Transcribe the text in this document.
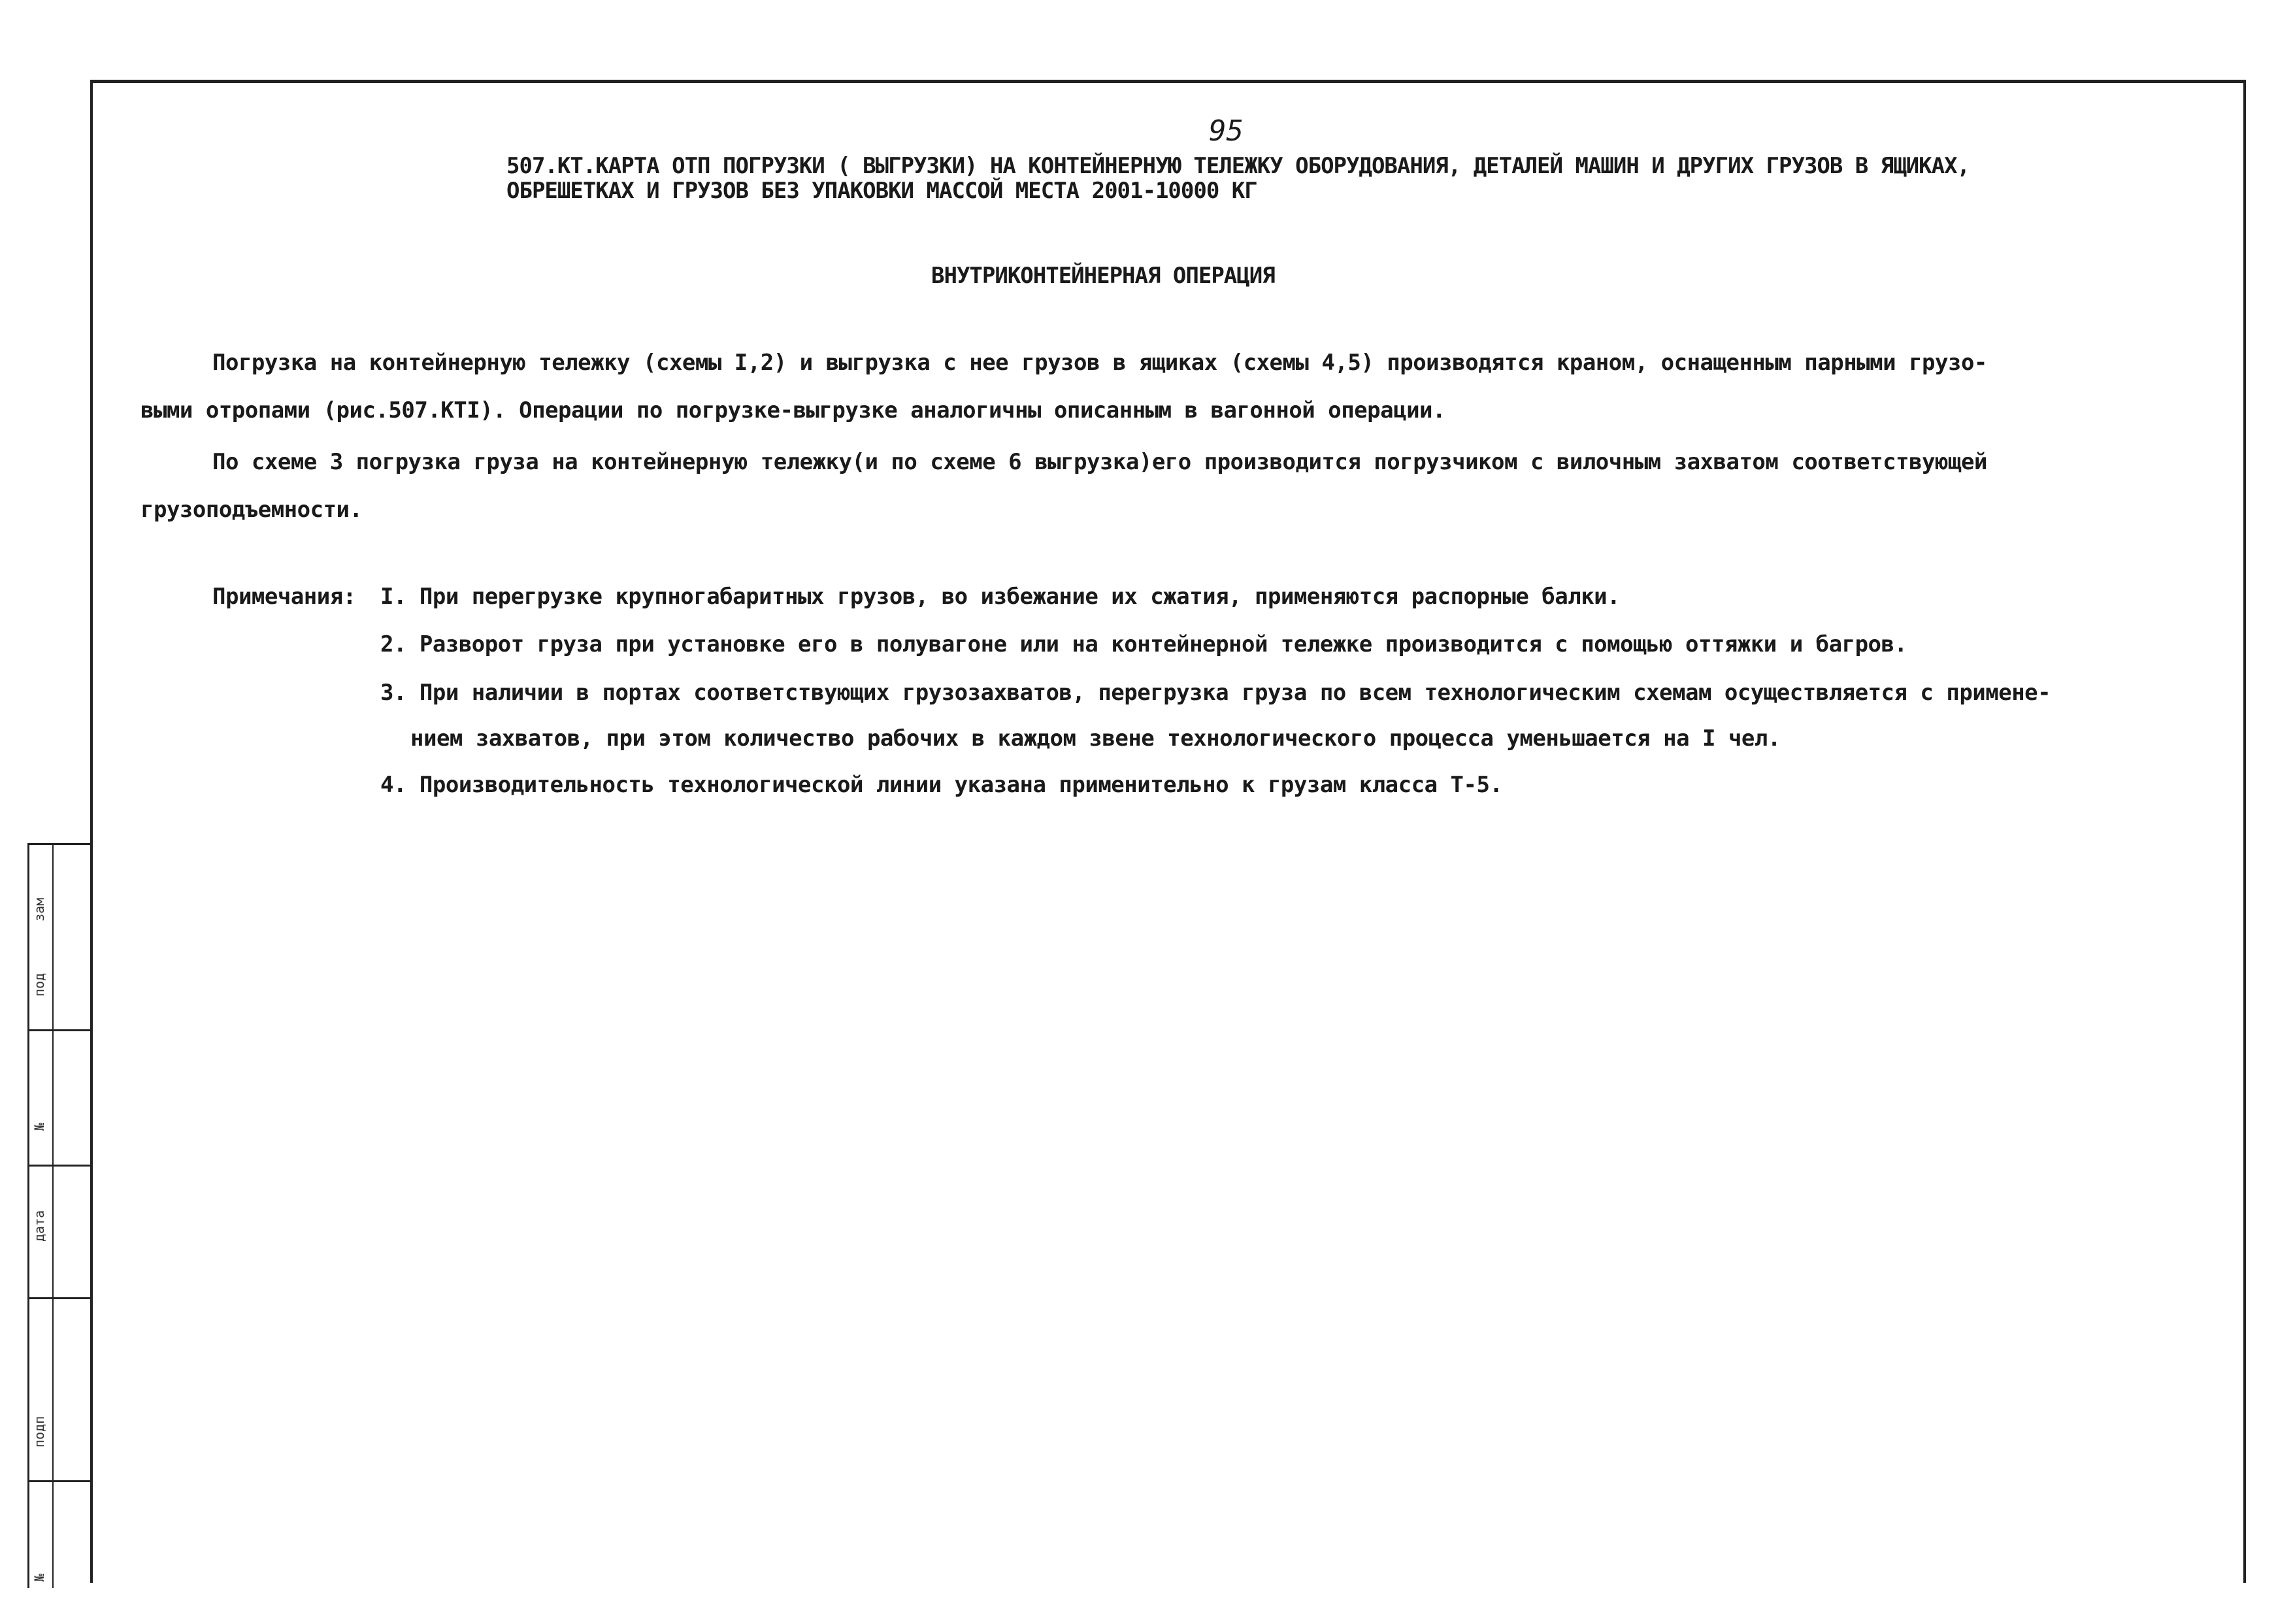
95
507.КТ.КАРТА ОТП ПОГРУЗКИ ( ВЫГРУЗКИ) НА КОНТЕЙНЕРНУЮ ТЕЛЕЖКУ ОБОРУДОВАНИЯ, ДЕТАЛЕЙ МАШИН И ДРУГИХ ГРУЗОВ В ЯЩИКАХ,
ОБРЕШЕТКАХ И ГРУЗОВ БЕЗ УПАКОВКИ МАССОЙ МЕСТА 2001-10000 КГ
ВНУТРИКОНТЕЙНЕРНАЯ ОПЕРАЦИЯ
Погрузка на контейнерную тележку (схемы I,2) и выгрузка с нее грузов в ящиках (схемы 4,5) производятся краном, оснащенным парными грузо-
выми отропами (рис.507.КТI). Операции по погрузке-выгрузке аналогичны описанным в вагонной операции.
По схеме 3 погрузка груза на контейнерную тележку(и по схеме 6 выгрузка)его производится погрузчиком с вилочным захватом соответствующей
грузоподъемности.
Примечания: I. При перегрузке крупногабаритных грузов, во избежание их сжатия, применяются распорные балки.
2. Разворот груза при установке его в полувагоне или на контейнерной тележке производится с помощью оттяжки и багров.
3. При наличии в портах соответствующих грузозахватов, перегрузка груза по всем технологическим схемам осуществляется с примене-
нием захватов, при этом количество рабочих в каждом звене технологического процесса уменьшается на I чел.
4. Производительность технологической линии указана применительно к грузам класса Т-5.
зам
под
№
дата
подп
№
